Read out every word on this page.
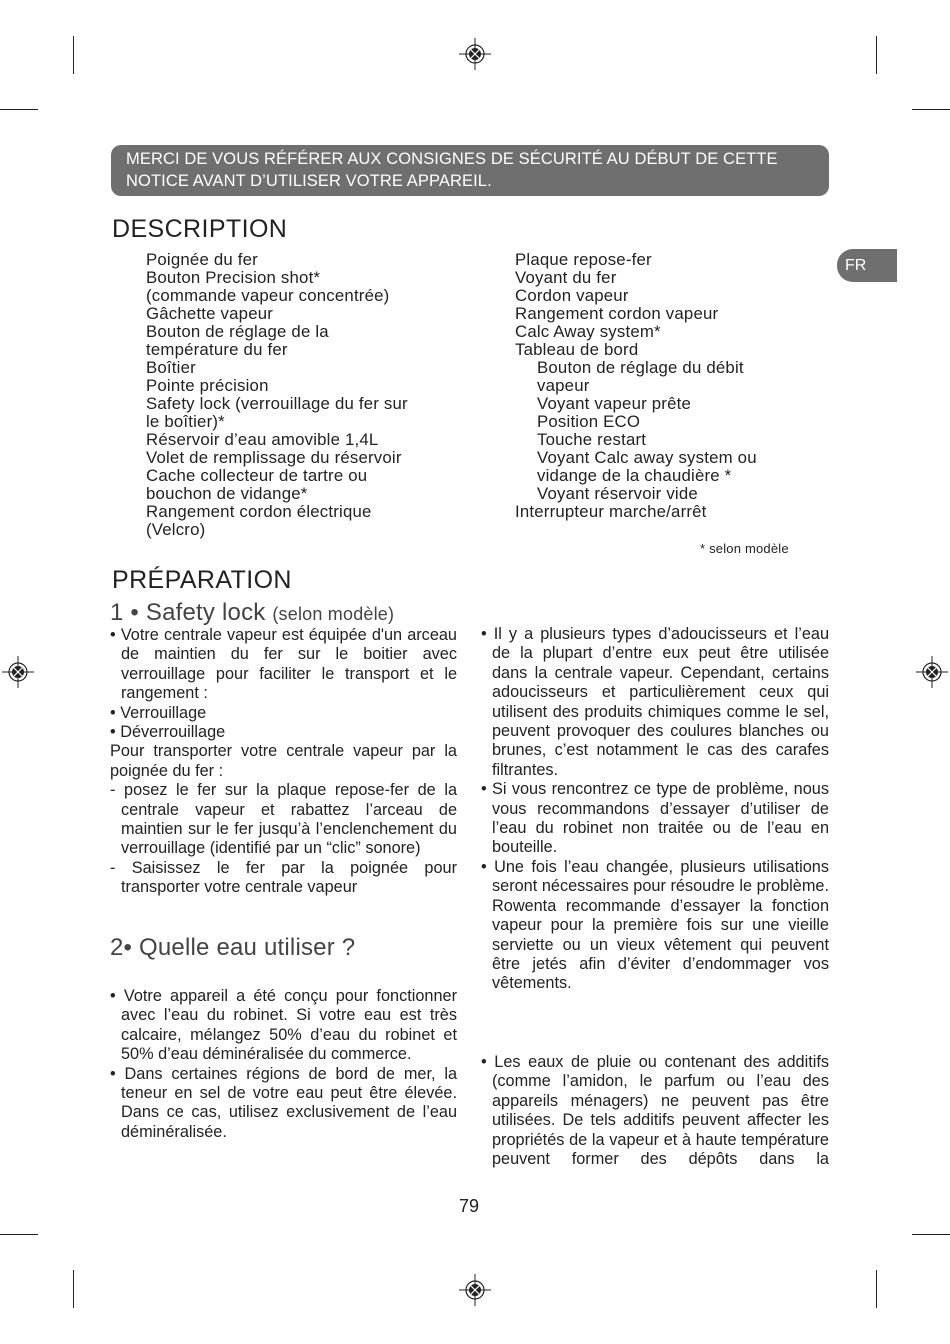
MERCI DE VOUS RÉFÉRER AUX CONSIGNES DE SÉCURITÉ AU DÉBUT DE CETTE
NOTICE AVANT D’UTILISER VOTRE APPAREIL.
FR
DESCRIPTION
Poignée du fer
Bouton Precision shot*
(commande vapeur concentrée)
Gâchette vapeur
Bouton de réglage de la
température du fer
Boîtier
Pointe précision
Safety lock (verrouillage du fer sur
le boîtier)*
Réservoir d’eau amovible 1,4L
Volet de remplissage du réservoir
Cache collecteur de tartre ou
bouchon de vidange*
Rangement cordon électrique
(Velcro)
Plaque repose-fer
Voyant du fer
Cordon vapeur
Rangement cordon vapeur
Calc Away system*
Tableau de bord
Bouton de réglage du débit
vapeur
Voyant vapeur prête
Position ECO
Touche restart
Voyant Calc away system ou
vidange de la chaudière *
Voyant réservoir vide
Interrupteur marche/arrêt
* selon modèle
PRÉPARATION
1 • Safety lock (selon modèle)

• Votre centrale vapeur est équipée d'un arceau de maintien du fer sur le boitier avec verrouillage pour faciliter le transport et le rangement :

• Verrouillage

• Déverrouillage

Pour transporter votre centrale vapeur par la poignée du fer :

- posez le fer sur la plaque repose-fer de la centrale vapeur et rabattez l’arceau de maintien sur le fer jusqu’à l’enclenchement du verrouillage (identifié par un “clic” sonore)

- Saisissez le fer par la poignée pour transporter votre centrale vapeur

2• Quelle eau utiliser ?

• Votre appareil a été conçu pour fonctionner avec l’eau du robinet. Si votre eau est très calcaire, mélangez 50% d’eau du robinet et 50% d’eau déminéralisée du commerce.

• Dans certaines régions de bord de mer, la teneur en sel de votre eau peut être élevée. Dans ce cas, utilisez exclusivement de l’eau déminéralisée.

• Il y a plusieurs types d’adoucisseurs et l’eau de la plupart d’entre eux peut être utilisée dans la centrale vapeur. Cependant, certains adoucisseurs et particulièrement ceux qui utilisent des produits chimiques comme le sel, peuvent provoquer des coulures blanches ou brunes, c’est notamment le cas des carafes filtrantes.

• Si vous rencontrez ce type de problème, nous vous recommandons d’essayer d’utiliser de l’eau du robinet non traitée ou de l’eau en bouteille.

• Une fois l’eau changée, plusieurs utilisations seront nécessaires pour résoudre le problème. Rowenta recommande d’essayer la fonction vapeur pour la première fois sur une vieille serviette ou un vieux vêtement qui peuvent être jetés afin d’éviter d’endommager vos vêtements.

• Les eaux de pluie ou contenant des additifs (comme l’amidon, le parfum ou l’eau des appareils ménagers) ne peuvent pas être utilisées. De tels additifs peuvent affecter les propriétés de la vapeur et à haute température peuvent former des dépôts dans la

79
